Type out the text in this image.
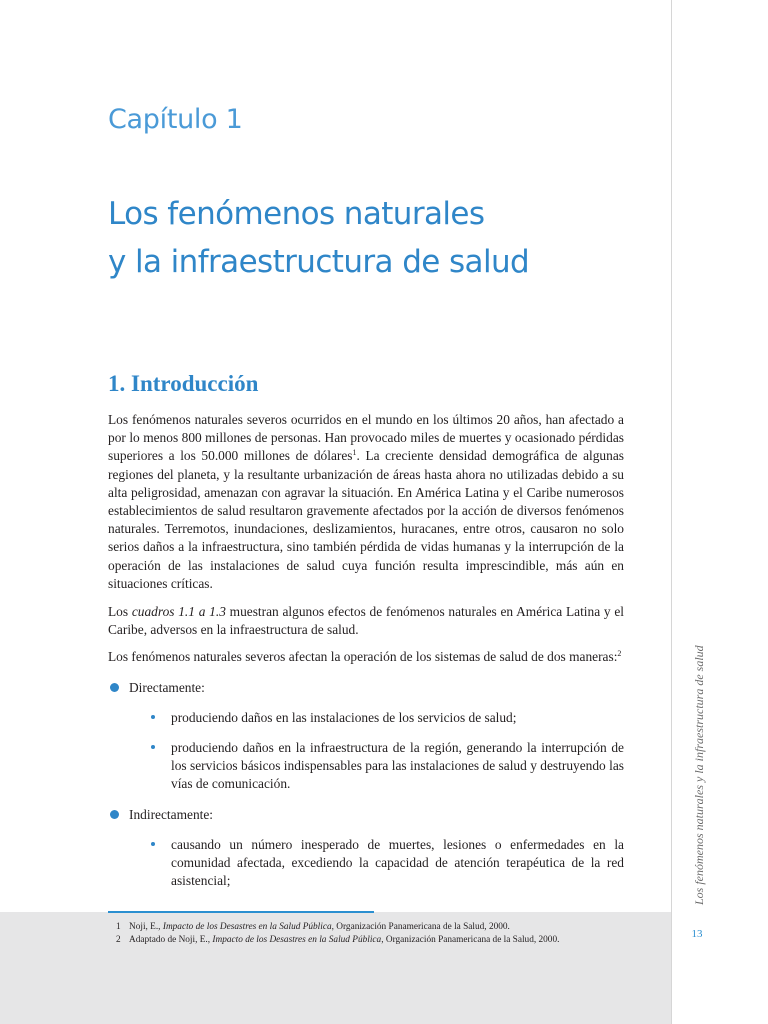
Los fenómenos naturales y la infraestructura de salud
13
Capítulo 1
Los fenómenos naturales
y la infraestructura de salud
1. Introducción

Los fenómenos naturales severos ocurridos en el mundo en los últimos 20 años, han afectado a por lo menos 800 millones de personas. Han provocado miles de muertes y ocasionado pérdidas superiores a los 50.000 millones de dólares$^1$. La creciente densidad demográfica de algunas regiones del planeta, y la resultante urbanización de áreas hasta ahora no utilizadas debido a su alta peligrosidad, amenazan con agravar la situación. En América Latina y el Caribe numerosos establecimientos de salud resultaron gravemente afectados por la acción de diversos fenómenos naturales. Terremotos, inundaciones, deslizamientos, huracanes, entre otros, causaron no solo serios daños a la infraestructura, sino también pérdida de vidas humanas y la interrupción de la operación de las instalaciones de salud cuya función resulta imprescindible, más aún en situaciones críticas.

Los cuadros 1.1 a 1.3 muestran algunos efectos de fenómenos naturales en América Latina y el Caribe, adversos en la infraestructura de salud.

Los fenómenos naturales severos afectan la operación de los sistemas de salud de dos maneras:$^2$

Directamente:
produciendo daños en las instalaciones de los servicios de salud;
produciendo daños en la infraestructura de la región, generando la interrupción de los servicios básicos indispensables para las instalaciones de salud y destruyendo las vías de comunicación.
Indirectamente:
causando un número inesperado de muertes, lesiones o enfermedades en la comunidad afectada, excediendo la capacidad de atención terapéutica de la red asistencial;
1 Noji, E., Impacto de los Desastres en la Salud Pública, Organización Panamericana de la Salud, 2000.
2 Adaptado de Noji, E., Impacto de los Desastres en la Salud Pública, Organización Panamericana de la Salud, 2000.
